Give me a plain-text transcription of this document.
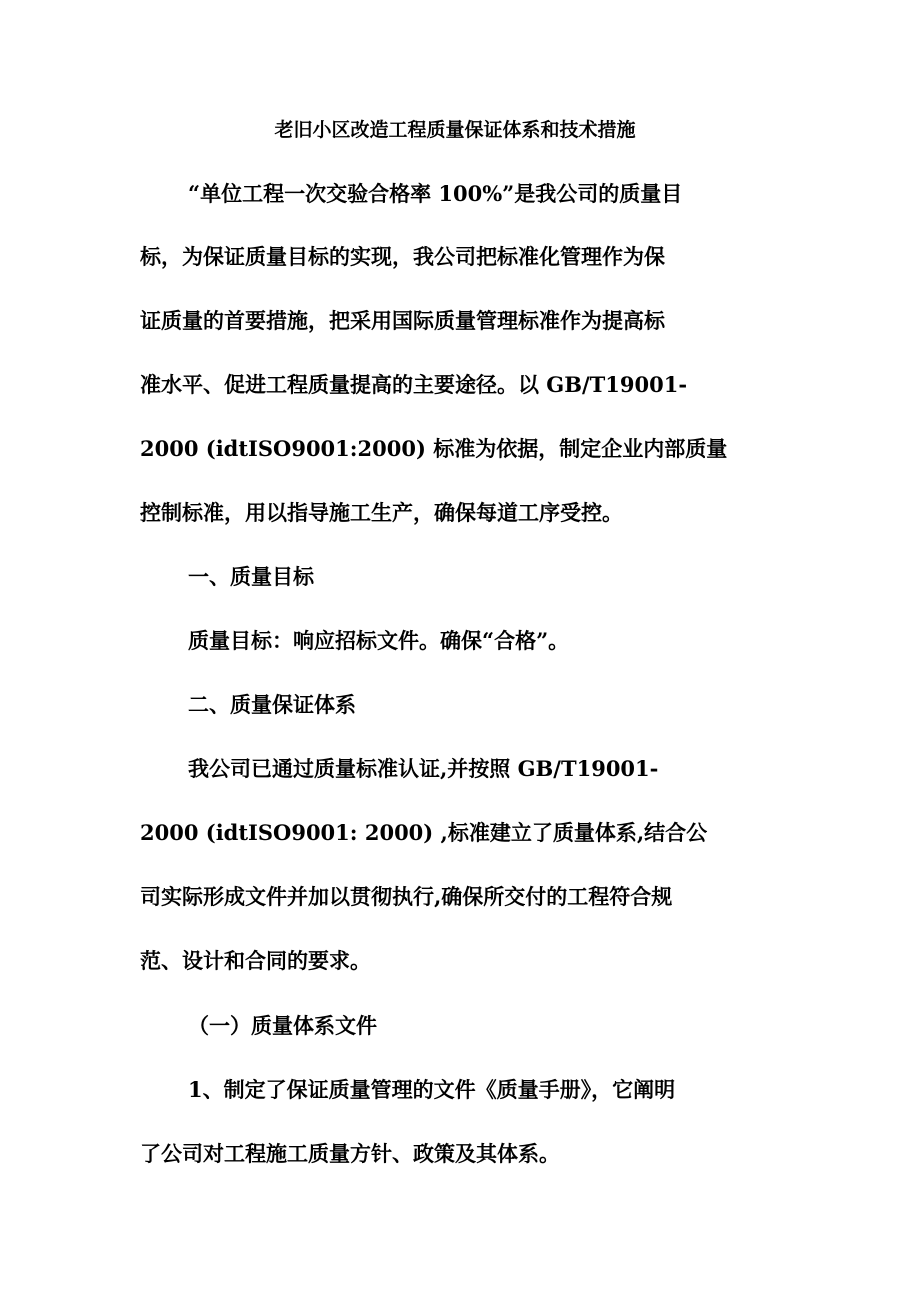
老旧小区改造工程质量保证体系和技术措施
“单位工程一次交验合格率 100%”是我公司的质量目
标，为保证质量目标的实现，我公司把标准化管理作为保
证质量的首要措施，把采用国际质量管理标准作为提高标
准水平、促进工程质量提高的主要途径。以 GB/T19001-
2000 (idtISO9001:2000) 标准为依据，制定企业内部质量
控制标准，用以指导施工生产，确保每道工序受控。
一、质量目标
质量目标：响应招标文件。确保“合格”。
二、质量保证体系
我公司已通过质量标准认证,并按照 GB/T19001-
2000 (idtISO9001: 2000) ,标准建立了质量体系,结合公
司实际形成文件并加以贯彻执行,确保所交付的工程符合规
范、设计和合同的要求。
（一）质量体系文件
1、制定了保证质量管理的文件《质量手册》，它阐明
了公司对工程施工质量方针、政策及其体系。
